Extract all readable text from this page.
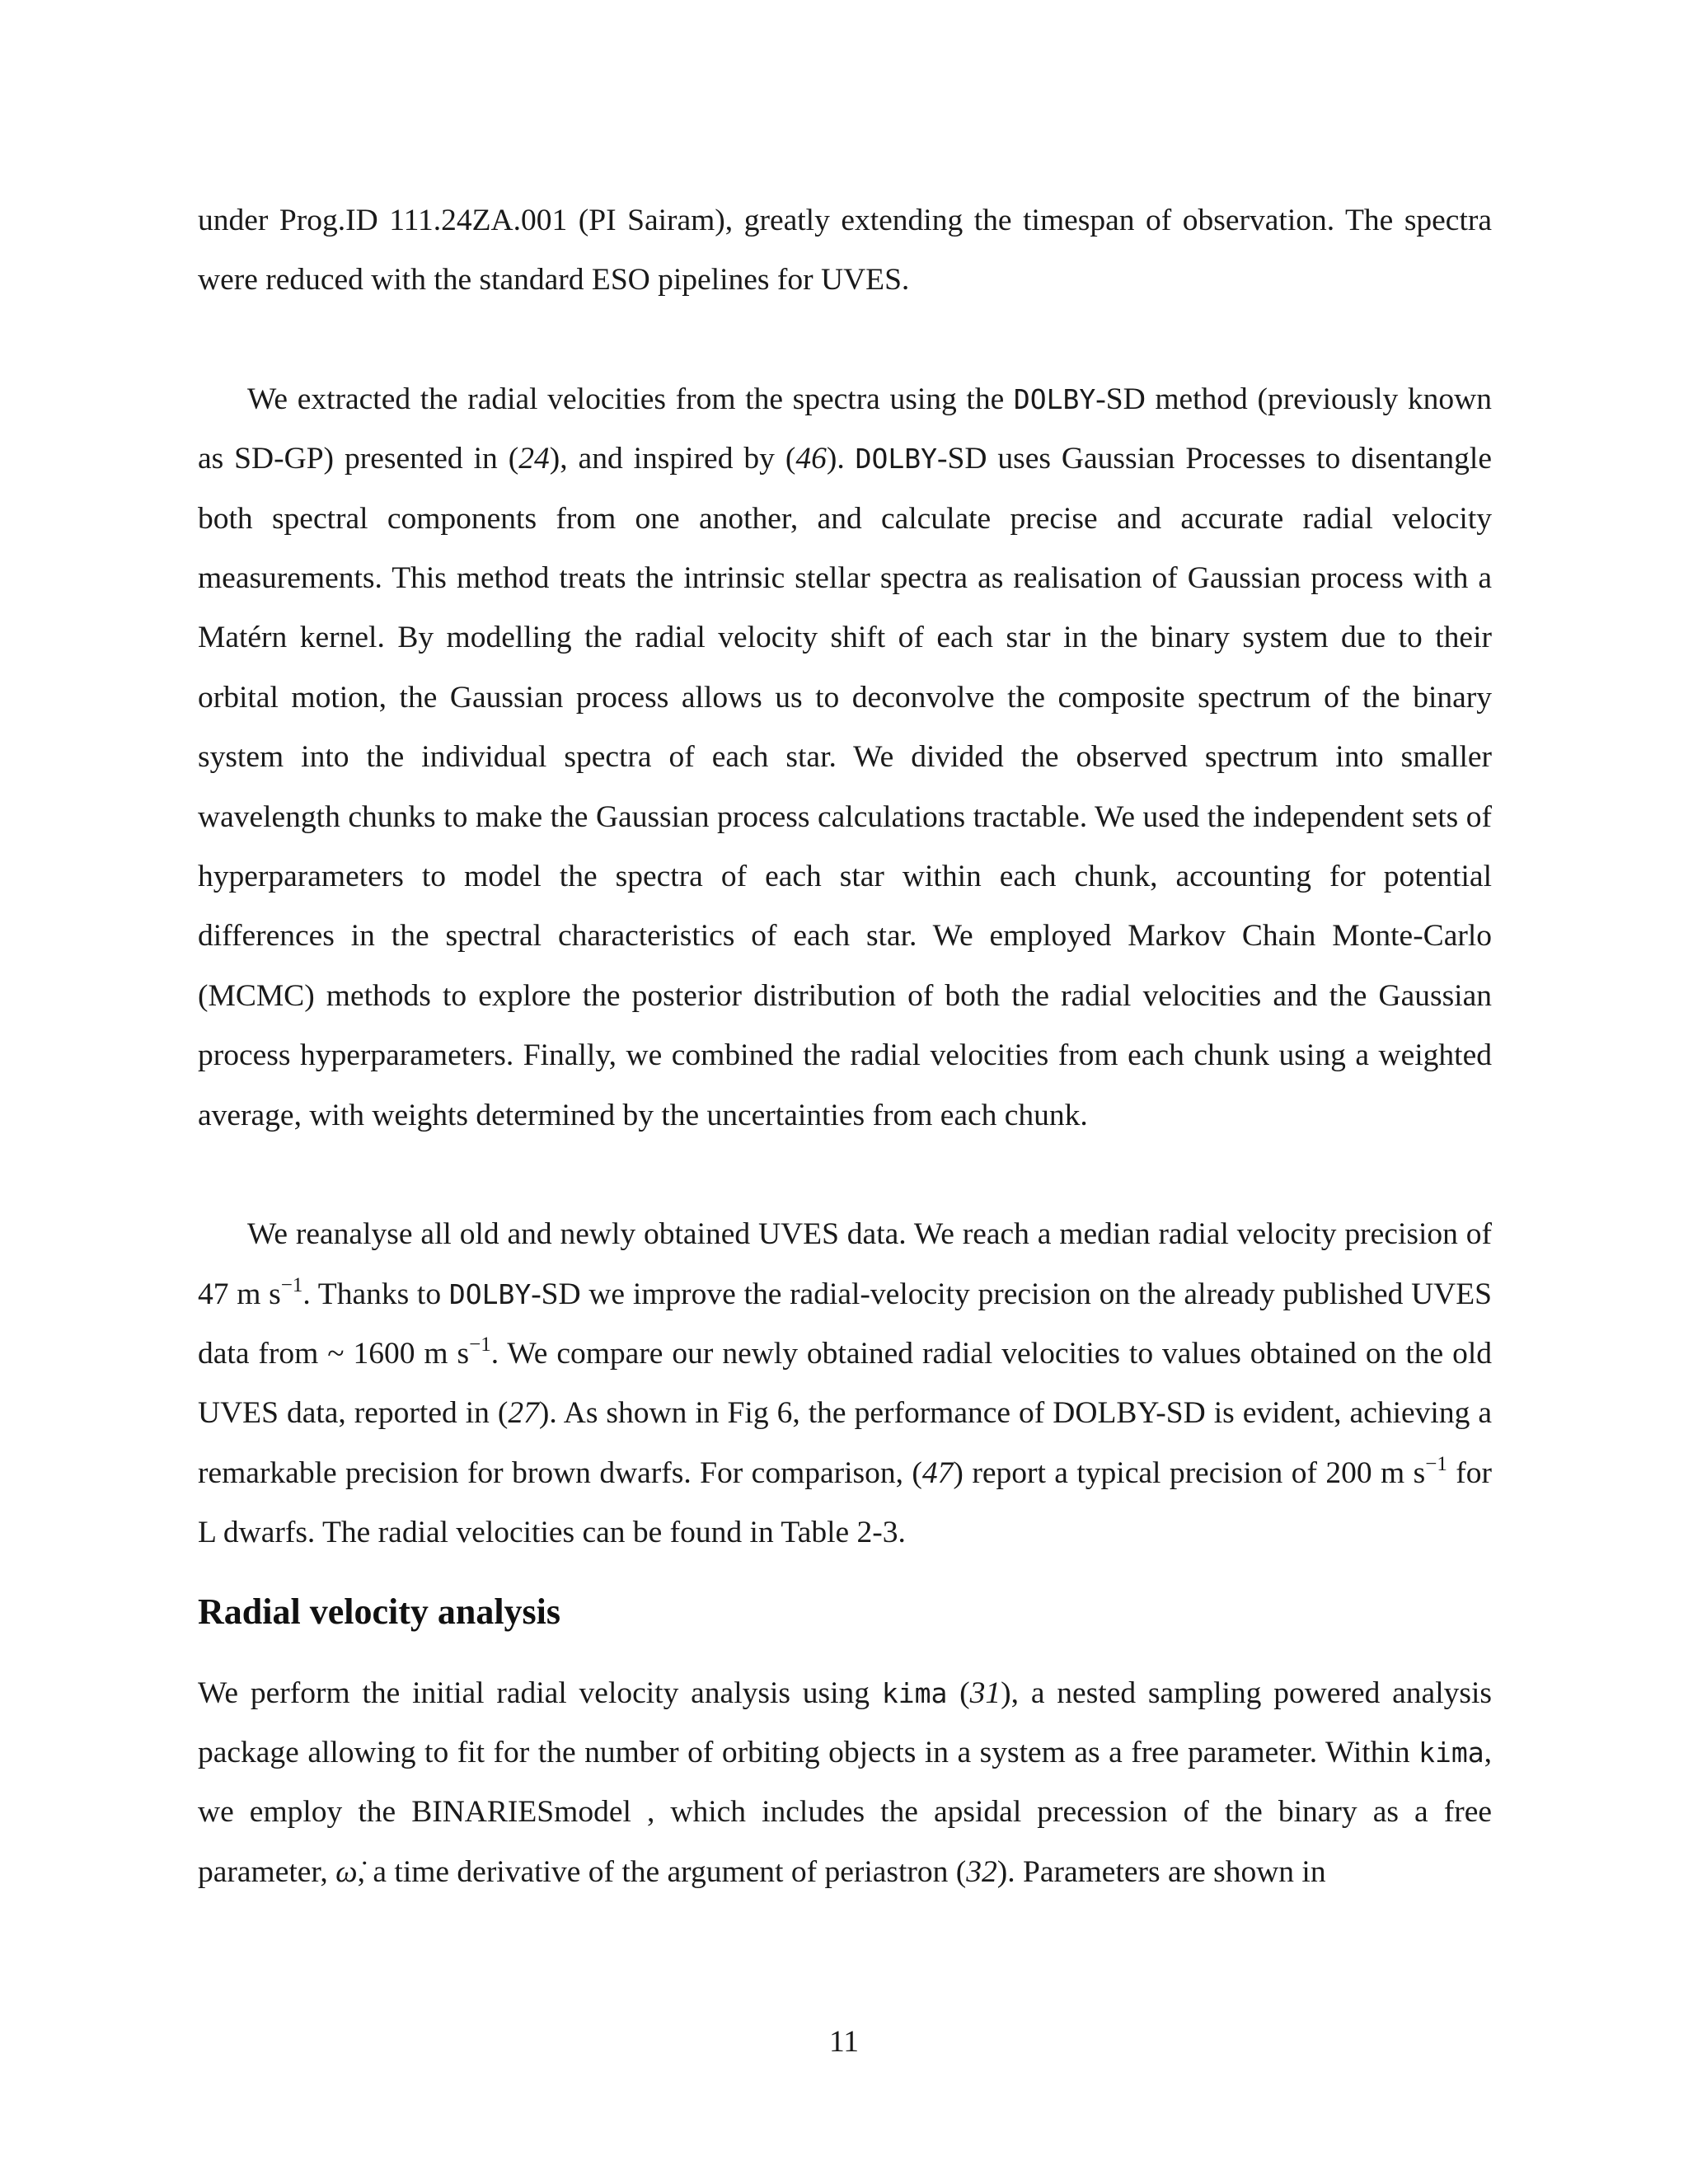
under Prog.ID 111.24ZA.001 (PI Sairam), greatly extending the timespan of observation. The spectra were reduced with the standard ESO pipelines for UVES.

We extracted the radial velocities from the spectra using the DOLBY-SD method (previously known as SD-GP) presented in (24), and inspired by (46). DOLBY-SD uses Gaussian Processes to disentangle both spectral components from one another, and calculate precise and accurate radial velocity measurements. This method treats the intrinsic stellar spectra as realisation of Gaussian process with a Matérn kernel. By modelling the radial velocity shift of each star in the binary system due to their orbital motion, the Gaussian process allows us to deconvolve the composite spectrum of the binary system into the individual spectra of each star. We divided the observed spectrum into smaller wavelength chunks to make the Gaussian process calculations tractable. We used the independent sets of hyperparameters to model the spectra of each star within each chunk, accounting for potential differences in the spectral characteristics of each star. We employed Markov Chain Monte-Carlo (MCMC) methods to explore the posterior distribution of both the radial velocities and the Gaussian process hyperparameters. Finally, we combined the radial velocities from each chunk using a weighted average, with weights determined by the uncertainties from each chunk.

We reanalyse all old and newly obtained UVES data. We reach a median radial velocity precision of 47 m $s^{-1}$. Thanks to DOLBY-SD we improve the radial-velocity precision on the already published UVES data from ~ 1600 m $s^{-1}$. We compare our newly obtained radial velocities to values obtained on the old UVES data, reported in (27). As shown in Fig 6, the performance of DOLBY-SD is evident, achieving a remarkable precision for brown dwarfs. For comparison, (47) report a typical precision of 200 m $s^{-1}$ for L dwarfs. The radial velocities can be found in Table 2-3.

Radial velocity analysis

We perform the initial radial velocity analysis using kima (31), a nested sampling powered analysis package allowing to fit for the number of orbiting objects in a system as a free parameter. Within kima, we employ the BINARIESmodel , which includes the apsidal precession of the binary as a free parameter, ω̇, a time derivative of the argument of periastron (32). Parameters are shown in

11
